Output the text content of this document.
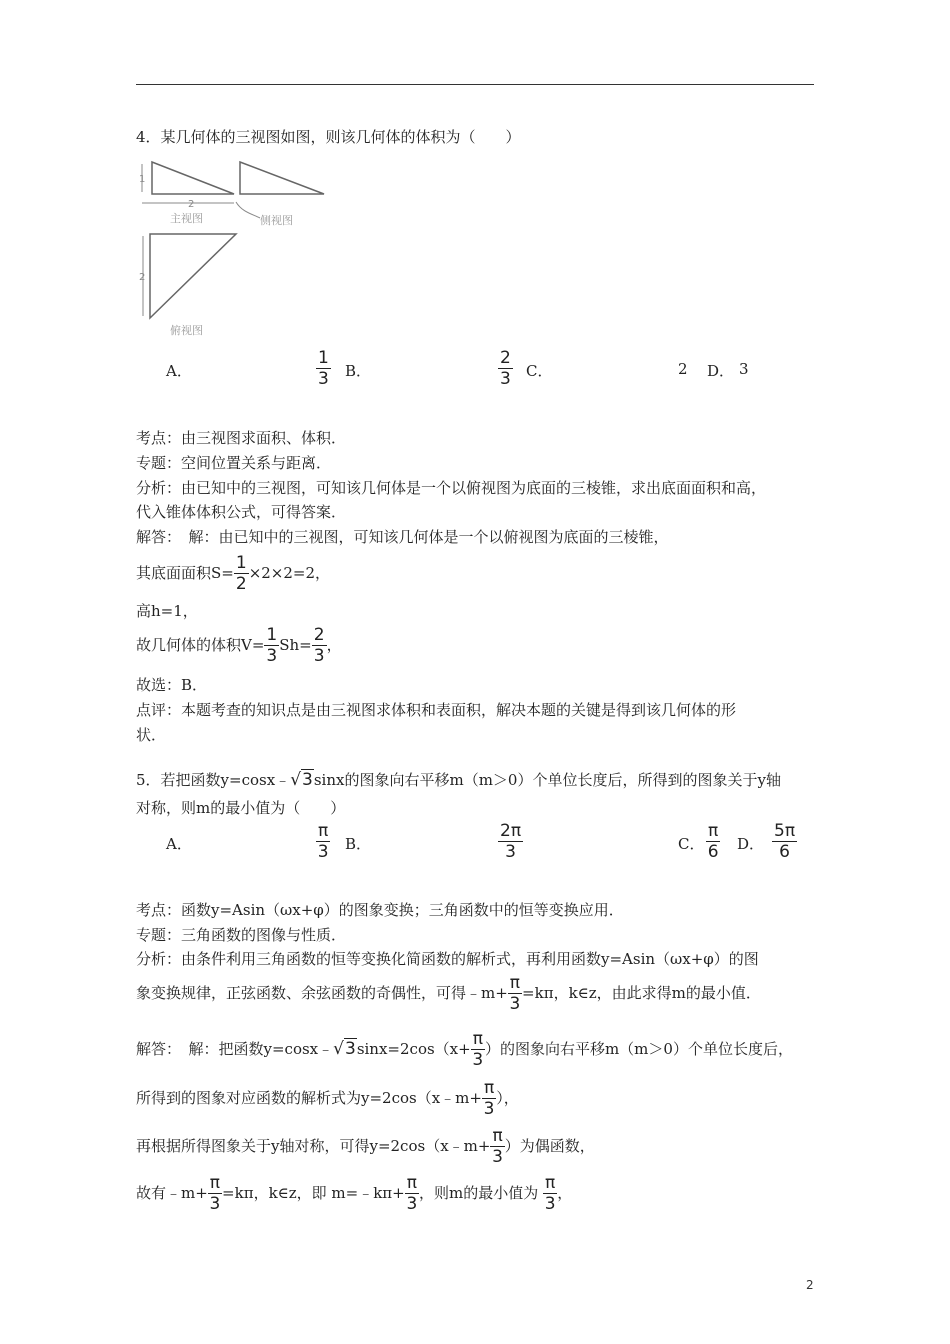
4．某几何体的三视图如图，则该几何体的体积为（　　）
1
2
主视图	侧视图
2
俯视图
A．	$\frac{1}{3}$ B．	$\frac{2}{3}$ C．	2 D． 3
考点：由三视图求面积、体积．
专题：空间位置关系与距离．
分析：由已知中的三视图，可知该几何体是一个以俯视图为底面的三棱锥，求出底面面积和高，
代入锥体体积公式，可得答案．
解答：　解：由已知中的三视图，可知该几何体是一个以俯视图为底面的三棱锥，
其底面面积$S= \frac{1}{2} \times 2\times 2=2$，
高h=1，
故几何体的体积$V= \frac{1}{3} Sh= \frac{2}{3}$ ，
故选：B．
点评：本题考查的知识点是由三视图求体积和表面积，解决本题的关键是得到该几何体的形
状．
5．若把函数y=cosx﹣√3sinx的图象向右平移m（m＞0）个单位长度后，所得到的图象关于y轴
对称，则m的最小值为（　　）
A．	$\frac{\pi}{3}$ B．	$\frac{2\pi}{3}$	C． $\frac{\pi}{6}$ D． $\frac{5\pi}{6}$
考点：函数y=Asin（ωx+φ）的图象变换；三角函数中的恒等变换应用．
专题：三角函数的图像与性质．
分析：由条件利用三角函数的恒等变换化简函数的解析式，再利用函数y=Asin（ωx+φ）的图
象变换规律，正弦函数、余弦函数的奇偶性，可得﹣m+ $\frac{\pi}{3} =k\pi$，k∈z，由此求得m的最小值．
解答：　解：把函数y=cosx﹣√3sinx=2cos（x+ $\frac{\pi}{3}$ ）的图象向右平移m（m＞0）个单位长度后，
所得到的图象对应函数的解析式为y=2cos（x﹣m+ $\frac{\pi}{3}$ ），
再根据所得图象关于y轴对称，可得y=2cos（x﹣m+ $\frac{\pi}{3}$ ）为偶函数，
故有﹣m+ $\frac{\pi}{3} =k\pi$，k∈z，即 m=﹣kπ+ $\frac{\pi}{3}$ ，则m的最小值为 $\frac{\pi}{3}$ ，
2
